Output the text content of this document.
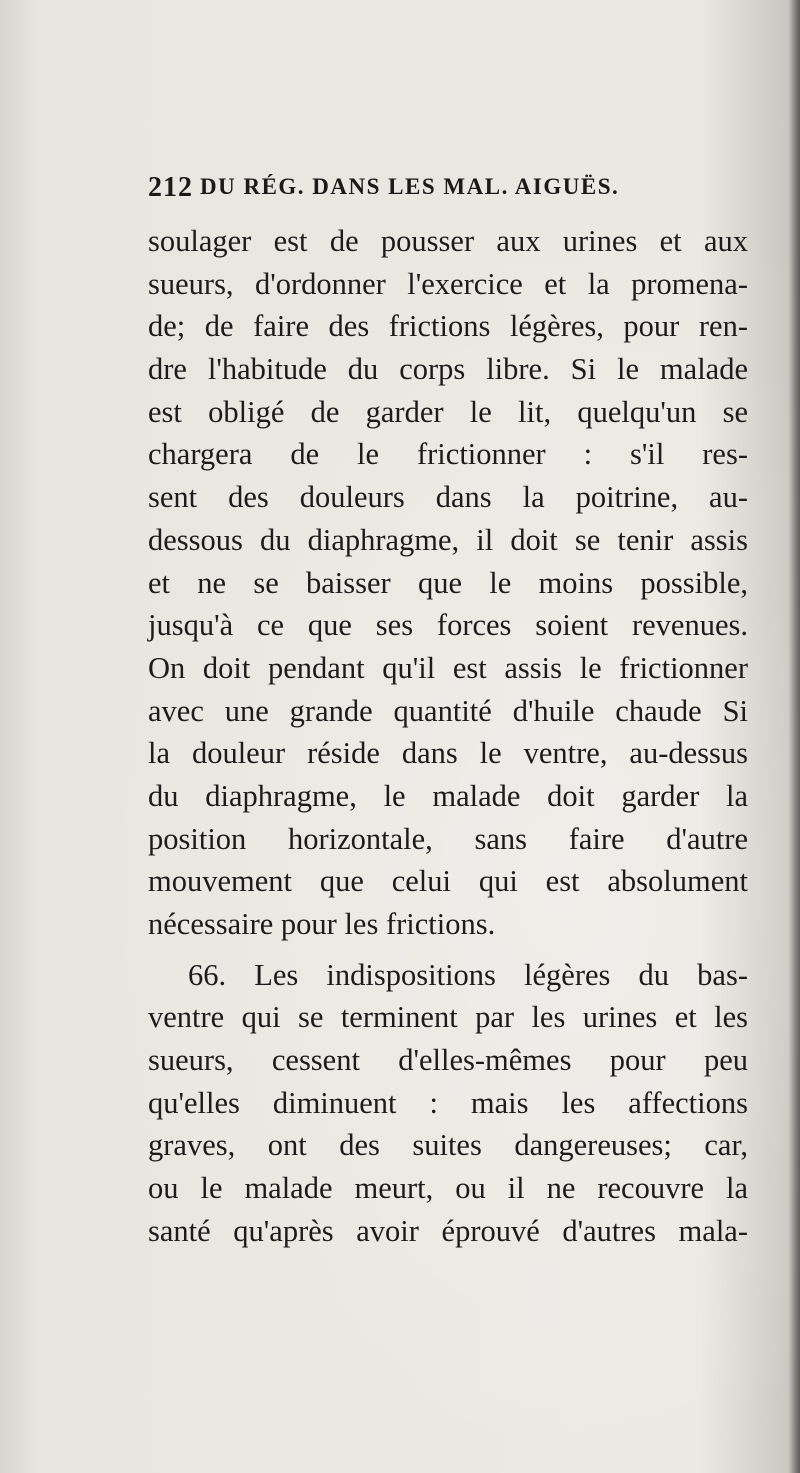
212 DU RÉG. DANS LES MAL. AIGUËS.
soulager est de pousser aux urines et aux
sueurs, d'ordonner l'exercice et la promena-
de; de faire des frictions légères, pour ren-
dre l'habitude du corps libre. Si le malade
est obligé de garder le lit, quelqu'un se
chargera de le frictionner : s'il res-
sent des douleurs dans la poitrine, au-
dessous du diaphragme, il doit se tenir assis
et ne se baisser que le moins possible,
jusqu'à ce que ses forces soient revenues.
On doit pendant qu'il est assis le frictionner
avec une grande quantité d'huile chaude Si
la douleur réside dans le ventre, au-dessus
du diaphragme, le malade doit garder la
position horizontale, sans faire d'autre
mouvement que celui qui est absolument
nécessaire pour les frictions.
66. Les indispositions légères du bas-
ventre qui se terminent par les urines et les
sueurs, cessent d'elles-mêmes pour peu
qu'elles diminuent : mais les affections
graves, ont des suites dangereuses; car,
ou le malade meurt, ou il ne recouvre la
santé qu'après avoir éprouvé d'autres mala-
